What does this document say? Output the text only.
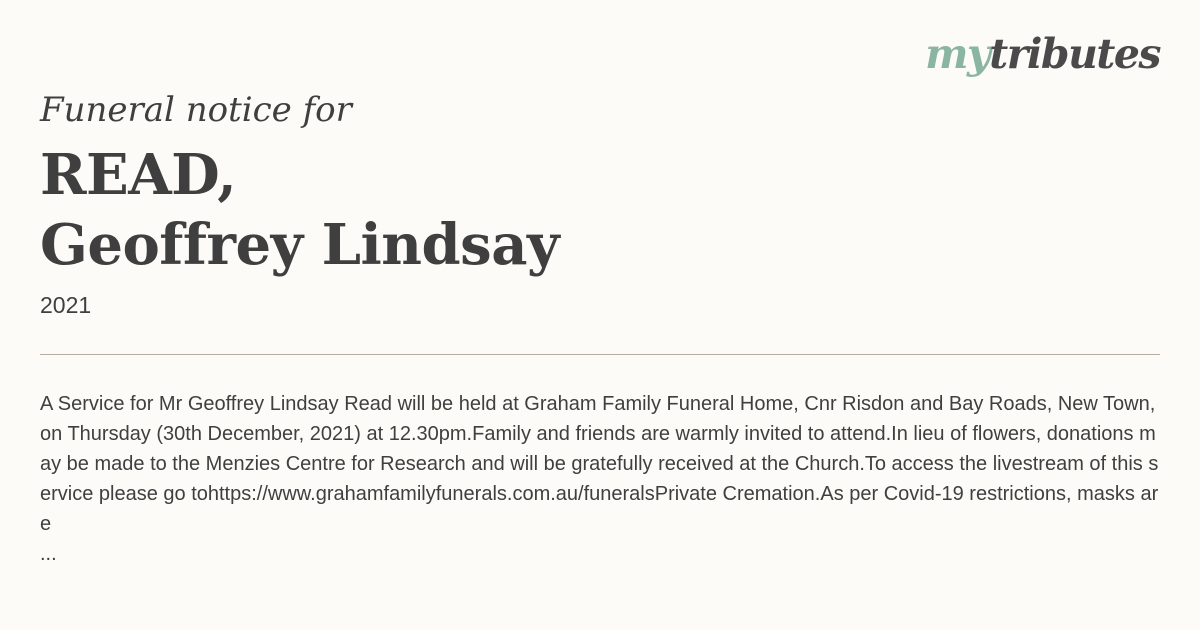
mytributes
Funeral notice for
READ,
Geoffrey Lindsay
2021
A Service for Mr Geoffrey Lindsay Read will be held at Graham Family Funeral Home, Cnr Risdon and Bay Roads, New Town, on Thursday (30th December, 2021) at 12.30pm.Family and friends are warmly invited to attend.In lieu of flowers, donations may be made to the Menzies Centre for Research and will be gratefully received at the Church.To access the livestream of this service please go tohttps://www.grahamfamilyfunerals.com.au/funeralsPrivate Cremation.As per Covid-19 restrictions, masks are
...
